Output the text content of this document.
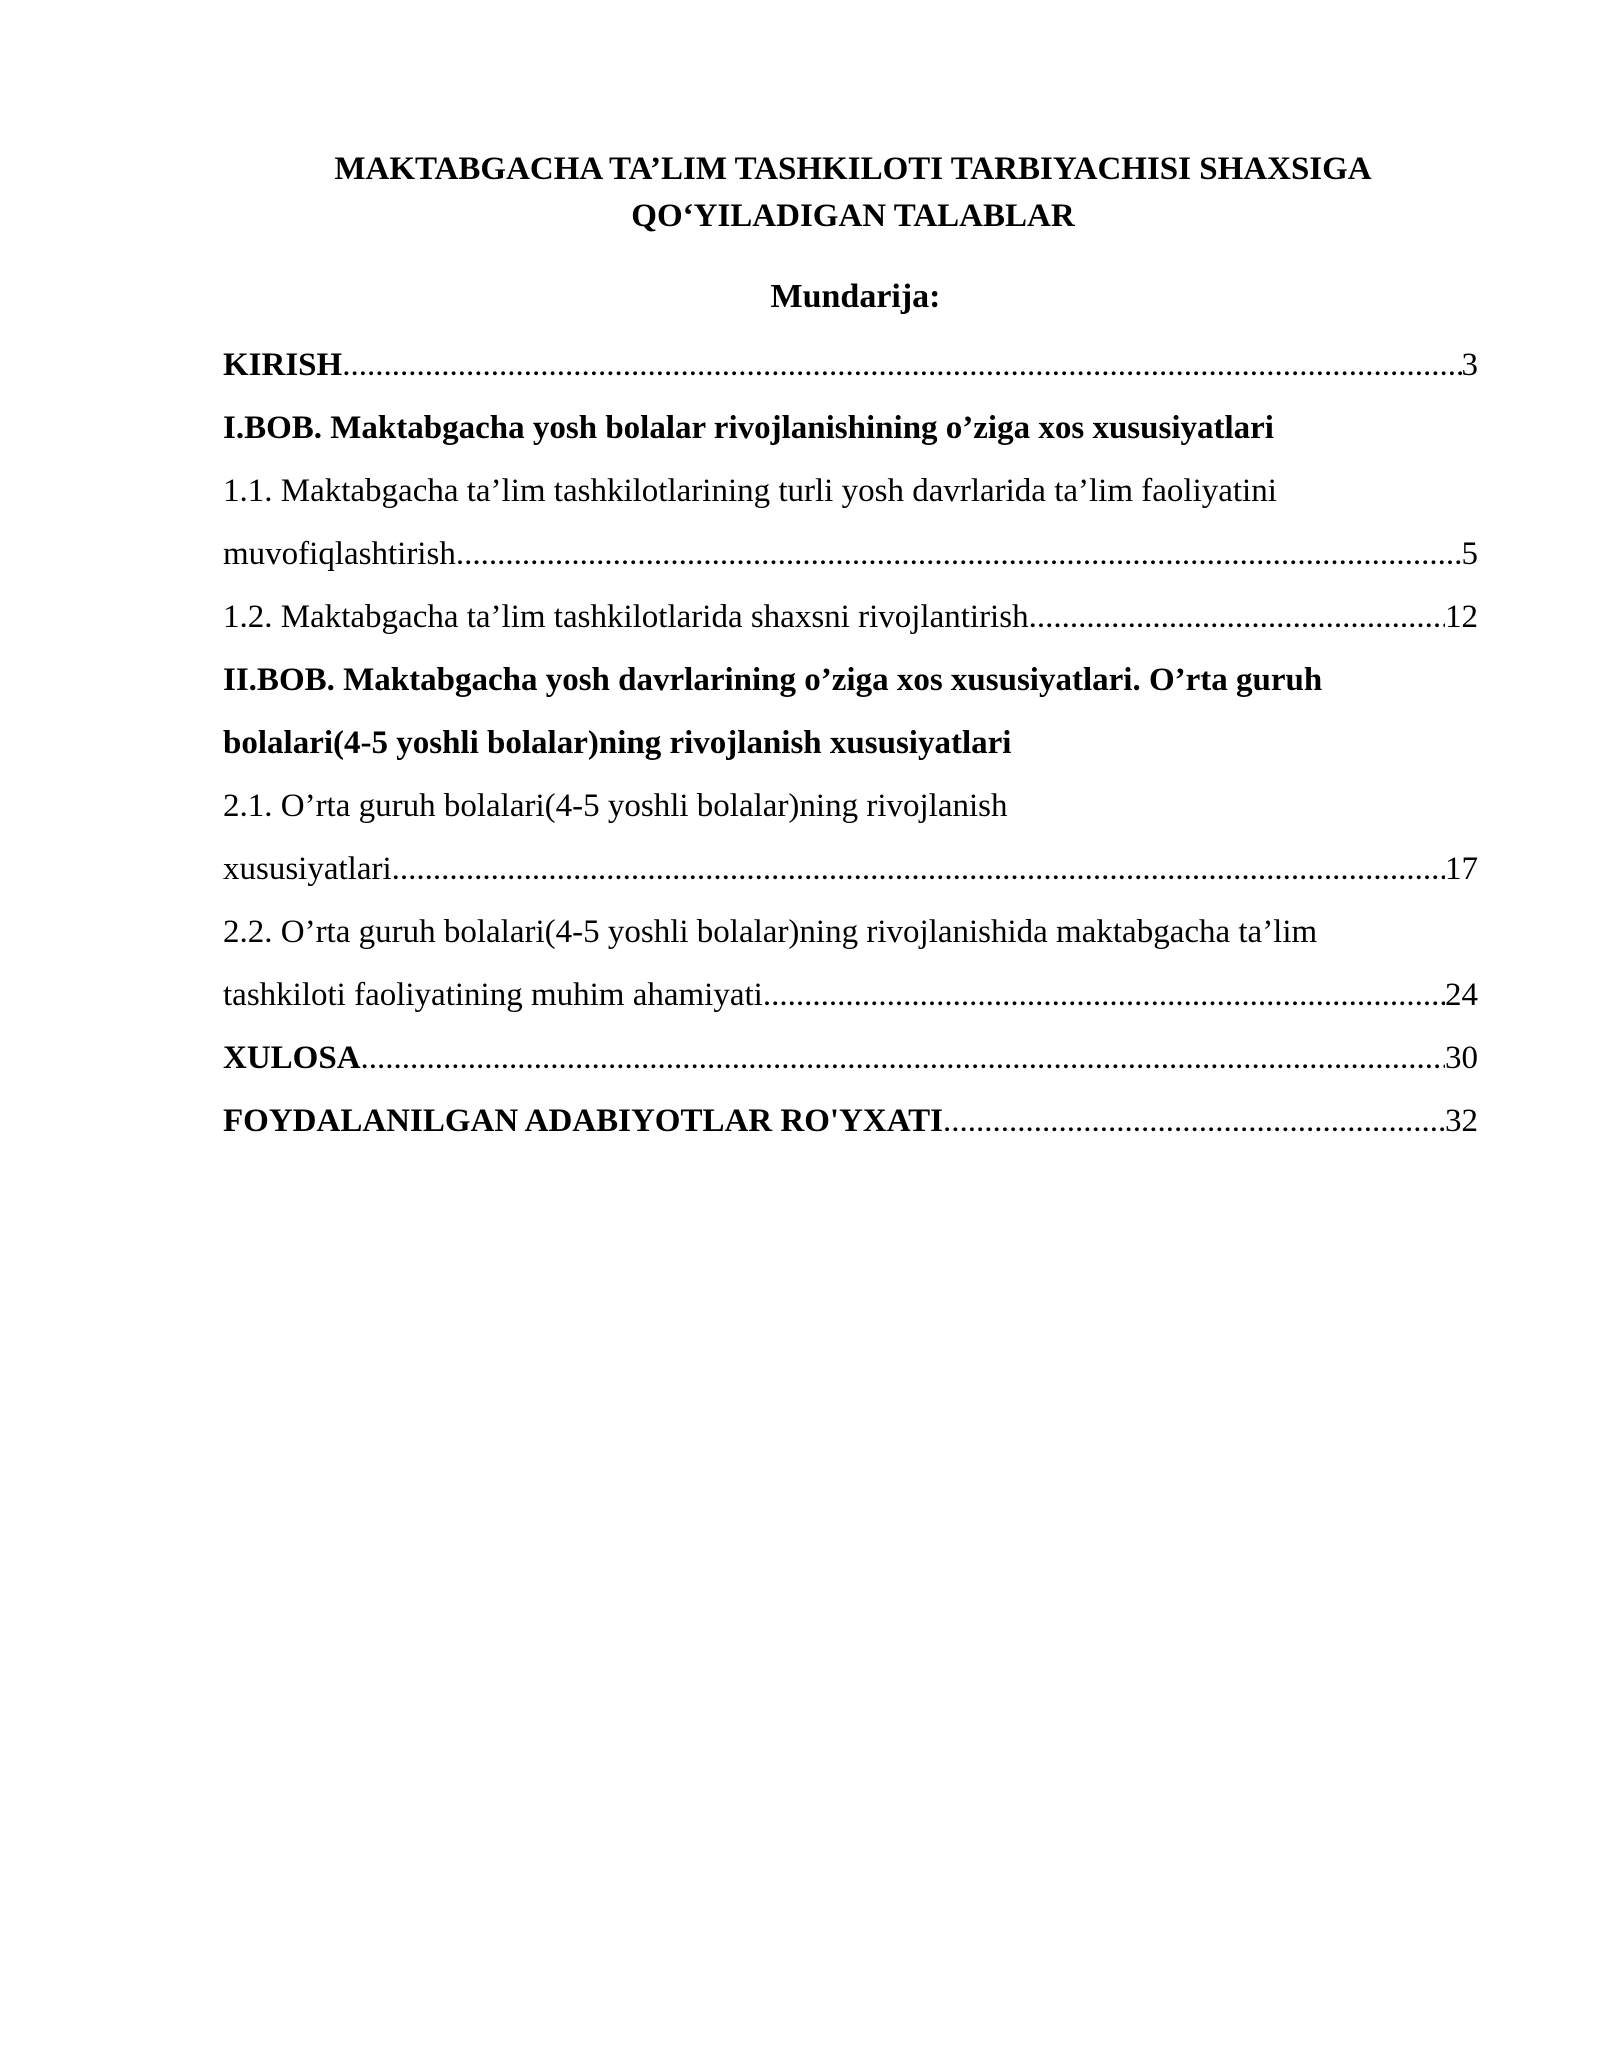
MAKTABGACHA TA’LIM TASHKILOTI TARBIYACHISI SHAXSIGA
QO‘YILADIGAN TALABLAR
Mundarija:
KIRISH .....	3
I.BOB. Maktabgacha yosh bolalar rivojlanishining o’ziga xos xususiyatlari
1.1. Maktabgacha ta’lim tashkilotlarining turli yosh davrlarida ta’lim faoliyatini
muvofiqlashtirish .....	5
1.2. Maktabgacha ta’lim tashkilotlarida shaxsni rivojlantirish .....	12
II.BOB. Maktabgacha yosh davrlarining o’ziga xos xususiyatlari. O’rta guruh
bolalari(4-5 yoshli bolalar)ning rivojlanish xususiyatlari
2.1. O’rta guruh bolalari(4-5 yoshli bolalar)ning rivojlanish
xususiyatlari .....	17
2.2. O’rta guruh bolalari(4-5 yoshli bolalar)ning rivojlanishida maktabgacha ta’lim
tashkiloti faoliyatining muhim ahamiyati .....	24
XULOSA .....	30
FOYDALANILGAN ADABIYOTLAR RO'YXATI .....	32
